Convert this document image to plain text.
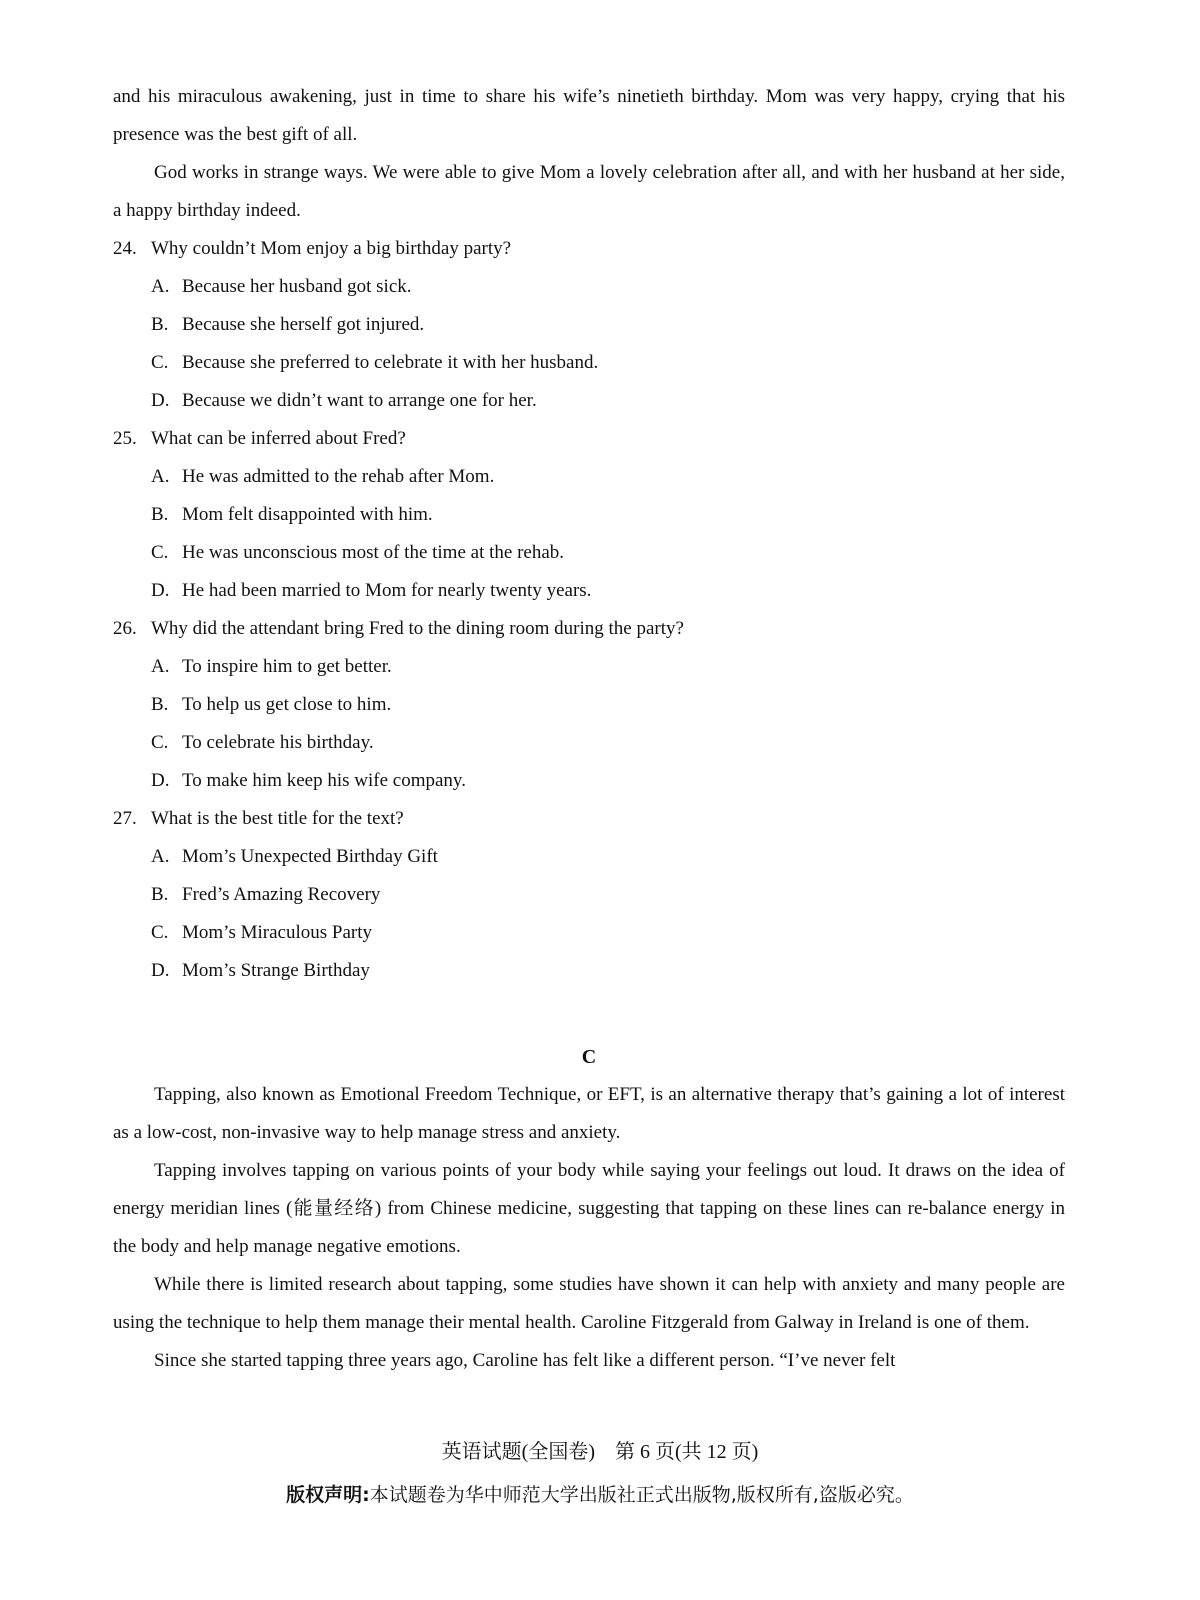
and his miraculous awakening, just in time to share his wife’s ninetieth birthday. Mom was very happy, crying that his presence was the best gift of all.

God works in strange ways. We were able to give Mom a lovely celebration after all, and with her husband at her side, a happy birthday indeed.

24. Why couldn’t Mom enjoy a big birthday party?

A. Because her husband got sick.

B. Because she herself got injured.

C. Because she preferred to celebrate it with her husband.

D. Because we didn’t want to arrange one for her.

25. What can be inferred about Fred?

A. He was admitted to the rehab after Mom.

B. Mom felt disappointed with him.

C. He was unconscious most of the time at the rehab.

D. He had been married to Mom for nearly twenty years.

26. Why did the attendant bring Fred to the dining room during the party?

A. To inspire him to get better.

B. To help us get close to him.

C. To celebrate his birthday.

D. To make him keep his wife company.

27. What is the best title for the text?

A. Mom’s Unexpected Birthday Gift

B. Fred’s Amazing Recovery

C. Mom’s Miraculous Party

D. Mom’s Strange Birthday

C

Tapping, also known as Emotional Freedom Technique, or EFT, is an alternative therapy that’s gaining a lot of interest as a low-cost, non-invasive way to help manage stress and anxiety.

Tapping involves tapping on various points of your body while saying your feelings out loud. It draws on the idea of energy meridian lines (能量经络) from Chinese medicine, suggesting that tapping on these lines can re-balance energy in the body and help manage negative emotions.

While there is limited research about tapping, some studies have shown it can help with anxiety and many people are using the technique to help them manage their mental health. Caroline Fitzgerald from Galway in Ireland is one of them.

Since she started tapping three years ago, Caroline has felt like a different person. “I’ve never felt

英语试题(全国卷)　第 6 页(共 12 页)
版权声明:本试题卷为华中师范大学出版社正式出版物,版权所有,盗版必究。
